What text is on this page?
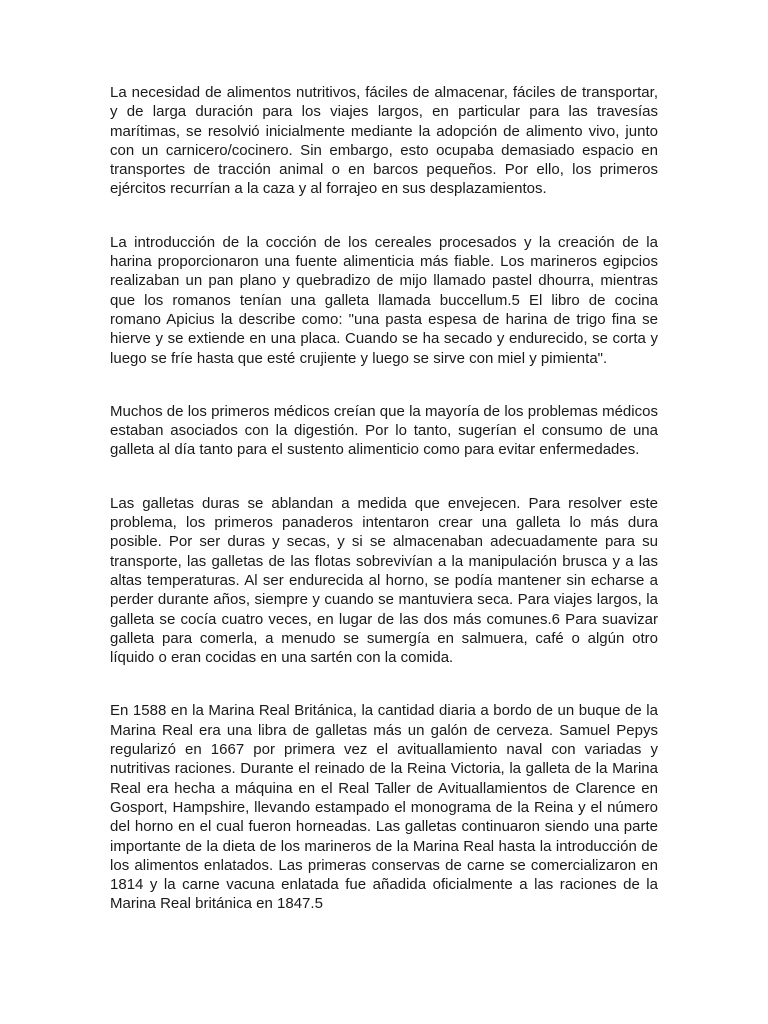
La necesidad de alimentos nutritivos, fáciles de almacenar, fáciles de transportar, y de larga duración para los viajes largos, en particular para las travesías marítimas, se resolvió inicialmente mediante la adopción de alimento vivo, junto con un carnicero/cocinero. Sin embargo, esto ocupaba demasiado espacio en transportes de tracción animal o en barcos pequeños. Por ello, los primeros ejércitos recurrían a la caza y al forrajeo en sus desplazamientos.

La introducción de la cocción de los cereales procesados y la creación de la harina proporcionaron una fuente alimenticia más fiable. Los marineros egipcios realizaban un pan plano y quebradizo de mijo llamado pastel dhourra, mientras que los romanos tenían una galleta llamada buccellum.5 El libro de cocina romano Apicius la describe como: "una pasta espesa de harina de trigo fina se hierve y se extiende en una placa. Cuando se ha secado y endurecido, se corta y luego se fríe hasta que esté crujiente y luego se sirve con miel y pimienta".

Muchos de los primeros médicos creían que la mayoría de los problemas médicos estaban asociados con la digestión. Por lo tanto, sugerían el consumo de una galleta al día tanto para el sustento alimenticio como para evitar enfermedades.

Las galletas duras se ablandan a medida que envejecen. Para resolver este problema, los primeros panaderos intentaron crear una galleta lo más dura posible. Por ser duras y secas, y si se almacenaban adecuadamente para su transporte, las galletas de las flotas sobrevivían a la manipulación brusca y a las altas temperaturas. Al ser endurecida al horno, se podía mantener sin echarse a perder durante años, siempre y cuando se mantuviera seca. Para viajes largos, la galleta se cocía cuatro veces, en lugar de las dos más comunes.6 Para suavizar galleta para comerla, a menudo se sumergía en salmuera, café o algún otro líquido o eran cocidas en una sartén con la comida.

En 1588 en la Marina Real Británica, la cantidad diaria a bordo de un buque de la Marina Real era una libra de galletas más un galón de cerveza. Samuel Pepys regularizó en 1667 por primera vez el avituallamiento naval con variadas y nutritivas raciones. Durante el reinado de la Reina Victoria, la galleta de la Marina Real era hecha a máquina en el Real Taller de Avituallamientos de Clarence en Gosport, Hampshire, llevando estampado el monograma de la Reina y el número del horno en el cual fueron horneadas. Las galletas continuaron siendo una parte importante de la dieta de los marineros de la Marina Real hasta la introducción de los alimentos enlatados. Las primeras conservas de carne se comercializaron en 1814 y la carne vacuna enlatada fue añadida oficialmente a las raciones de la Marina Real británica en 1847.5
